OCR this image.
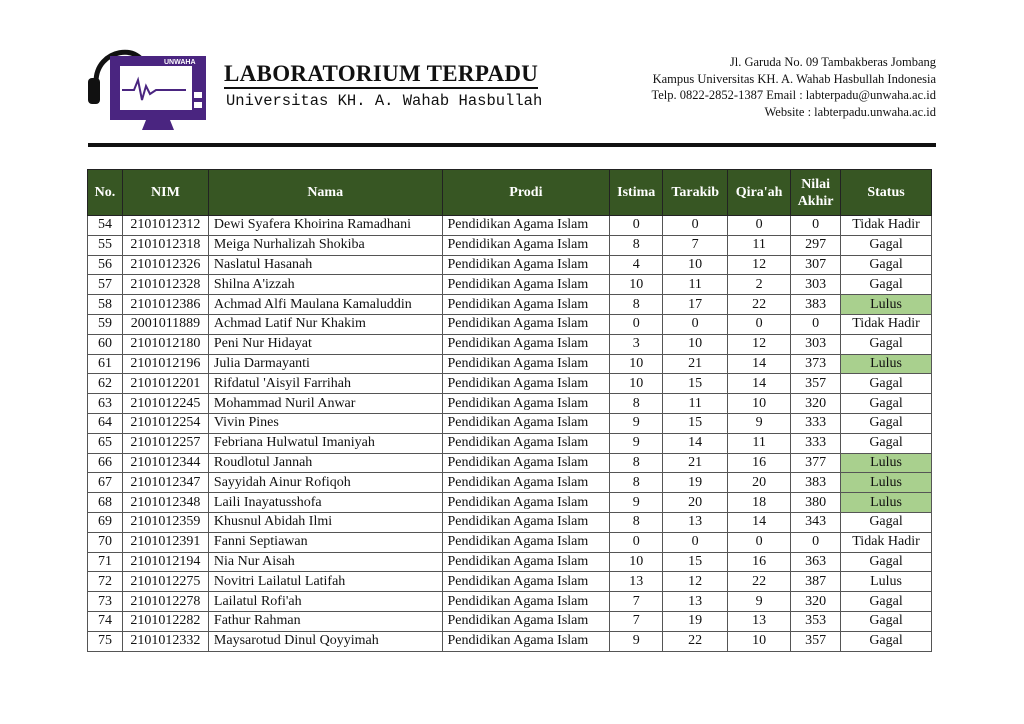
UNWAHA LABORATORIUM TERPADU
Universitas KH. A. Wahab Hasbullah
Jl. Garuda No. 09 Tambakberas Jombang
Kampus Universitas KH. A. Wahab Hasbullah Indonesia
Telp. 0822-2852-1387 Email : labterpadu@unwaha.ac.id
Website : labterpadu.unwaha.ac.id
No.	NIM	Nama	Prodi	Istima	Tarakib	Qira'ah	Nilai Akhir	Status
54	2101012312	Dewi Syafera Khoirina Ramadhani	Pendidikan Agama Islam	0	0	0	0	Tidak Hadir
55	2101012318	Meiga Nurhalizah Shokiba	Pendidikan Agama Islam	8	7	11	297	Gagal
56	2101012326	Naslatul Hasanah	Pendidikan Agama Islam	4	10	12	307	Gagal
57	2101012328	Shilna A'izzah	Pendidikan Agama Islam	10	11	2	303	Gagal
58	2101012386	Achmad Alfi Maulana Kamaluddin	Pendidikan Agama Islam	8	17	22	383	Lulus
59	2001011889	Achmad Latif Nur Khakim	Pendidikan Agama Islam	0	0	0	0	Tidak Hadir
60	2101012180	Peni Nur Hidayat	Pendidikan Agama Islam	3	10	12	303	Gagal
61	2101012196	Julia Darmayanti	Pendidikan Agama Islam	10	21	14	373	Lulus
62	2101012201	Rifdatul 'Aisyil Farrihah	Pendidikan Agama Islam	10	15	14	357	Gagal
63	2101012245	Mohammad Nuril Anwar	Pendidikan Agama Islam	8	11	10	320	Gagal
64	2101012254	Vivin Pines	Pendidikan Agama Islam	9	15	9	333	Gagal
65	2101012257	Febriana Hulwatul Imaniyah	Pendidikan Agama Islam	9	14	11	333	Gagal
66	2101012344	Roudlotul Jannah	Pendidikan Agama Islam	8	21	16	377	Lulus
67	2101012347	Sayyidah Ainur Rofiqoh	Pendidikan Agama Islam	8	19	20	383	Lulus
68	2101012348	Laili Inayatusshofa	Pendidikan Agama Islam	9	20	18	380	Lulus
69	2101012359	Khusnul Abidah Ilmi	Pendidikan Agama Islam	8	13	14	343	Gagal
70	2101012391	Fanni Septiawan	Pendidikan Agama Islam	0	0	0	0	Tidak Hadir
71	2101012194	Nia Nur Aisah	Pendidikan Agama Islam	10	15	16	363	Gagal
72	2101012275	Novitri Lailatul Latifah	Pendidikan Agama Islam	13	12	22	387	Lulus
73	2101012278	Lailatul Rofi'ah	Pendidikan Agama Islam	7	13	9	320	Gagal
74	2101012282	Fathur Rahman	Pendidikan Agama Islam	7	19	13	353	Gagal
75	2101012332	Maysarotud Dinul Qoyyimah	Pendidikan Agama Islam	9	22	10	357	Gagal
